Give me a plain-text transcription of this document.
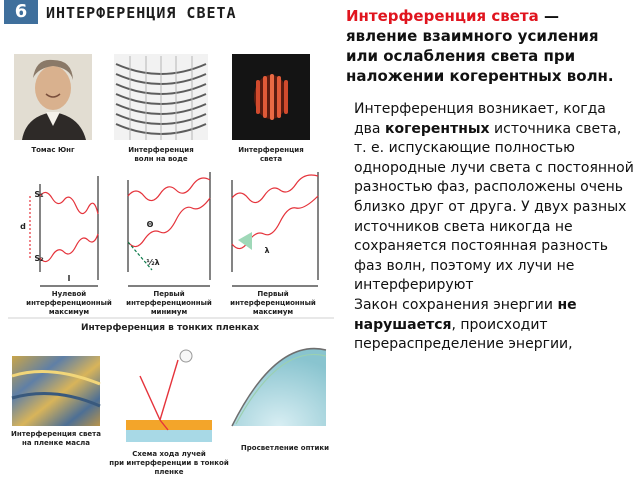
6	ИНТЕРФЕРЕНЦИЯ СВЕТА
Томас Юнг	Интерференция
волн на воде
Интерференция
света
Нулевой
интерференционный
максимум
Первый
интерференционный
минимум
Первый
интерференционный
максимум
Интерференция в тонких пленках
Интерференция света
на пленке масла
Схема хода лучей
при интерференции в тонкой пленке
Просветление оптики
S₁
S₂
d
l
Θ
½λ
λ

Интерференция света — явление взаимного усиления или ослабления света при наложении когерентных волн.

Интерференция возникает, когда два когерентных источника света, т. е. испускающие полностью однородные лучи света с постоянной разностью фаз, расположены очень близко друг от друга. У двух разных источников света никогда не сохраняется постоянная разность фаз волн, поэтому их лучи не интерферируют
Закон сохранения энергии не нарушается, происходит перераспределение энергии,
